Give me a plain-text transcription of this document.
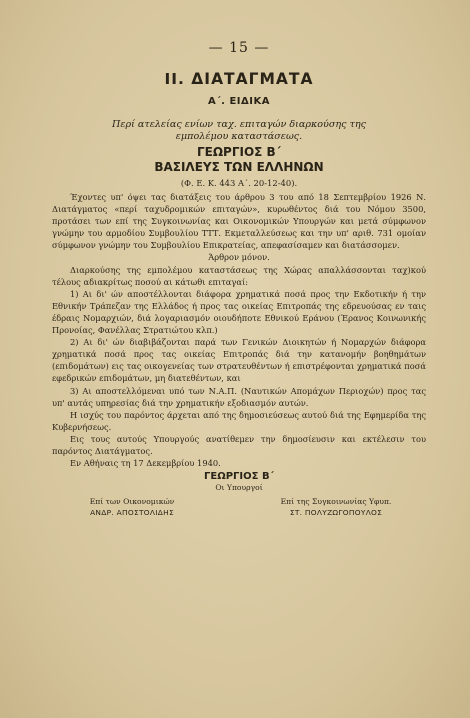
— 15 —
II. ΔΙΑΤΑΓΜΑΤΑ
Α΄. ΕΙΔΙΚΑ
Περί ατελείας ενίων ταχ. επιταγών διαρκούσης της
εμπολέμου καταστάσεως.
ΓΕΩΡΓΙΟΣ Β΄
ΒΑΣΙΛΕΥΣ ΤΩΝ ΕΛΛΗΝΩΝ
(Φ. Ε. Κ. 443 Α΄. 20-12-40).

Έχοντες υπ' όψει τας διατάξεις του άρθρου 3 του από 18 Σεπτεμβρίου 1926 Ν. Διατάγματος «περί ταχυδρομικών επιταγών», κυρωθέντος διά του Νόμου 3500, προτάσει των επί της Συγκοινωνίας και Οικονομικών Υπουργών και μετά σύμφωνον γνώμην του αρμοδίου Συμβουλίου ΤΤΤ. Εκμεταλλεύσεως και την υπ' αριθ. 731 ομοίαν σύμφωνον γνώμην του Συμβουλίου Επικρατείας, απεφασίσαμεν και διατάσσομεν.

Άρθρον μόνον.

Διαρκούσης της εμπολέμου καταστάσεως της Χώρας απαλλάσσονται ταχ)κού τέλους αδιακρίτως ποσού αι κάτωθι επιταγαί:

1) Αι δι' ών αποστέλλονται διάφορα χρηματικά ποσά προς την Εκδοτικήν ή την Εθνικήν Τράπεζαν της Ελλάδος ή προς τας οικείας Επιτροπάς της εδρευούσας εν ταις έδραις Νομαρχιών, διά λογαριασμόν οιουδήποτε Εθνικού Εράνου (Έρανος Κοινωνικής Προνοίας, Φανέλλας Στρατιώτου κλπ.)

2) Αι δι' ών διαβιβάζονται παρά των Γενικών Διοικητών ή Νομαρχών διάφορα χρηματικά ποσά προς τας οικείας Επιτροπάς διά την κατανομήν βοηθημάτων (επιδομάτων) εις τας οικογενείας των στρατευθέντων ή επιστρέφονται χρηματικά ποσά εφεδρικών επιδομάτων, μη διατεθέντων, και

3) Αι αποστελλόμεναι υπό των Ν.Α.Π. (Ναυτικών Απομάχων Περιοχών) προς τας υπ' αυτάς υπηρεσίας διά την χρηματικήν εξοδιασμόν αυτών.

Η ισχύς του παρόντος άρχεται από της δημοσιεύσεως αυτού διά της Εφημερίδα της Κυβερνήσεως.

Εις τους αυτούς Υπουργούς ανατίθεμεν την δημοσίευσιν και εκτέλεσιν του παρόντος Διατάγματος.

Εν Αθήναις τη 17 Δεκεμβρίου 1940.

ΓΕΩΡΓΙΟΣ Β΄
Οι Υπουργοί
Επί των Οικονομικών
ΑΝΔΡ. ΑΠΟΣΤΟΛΙΔΗΣ
Επί της Συγκοινωνίας Υφυπ.
ΣΤ. ΠΟΛΥΖΩΓΟΠΟΥΛΟΣ
